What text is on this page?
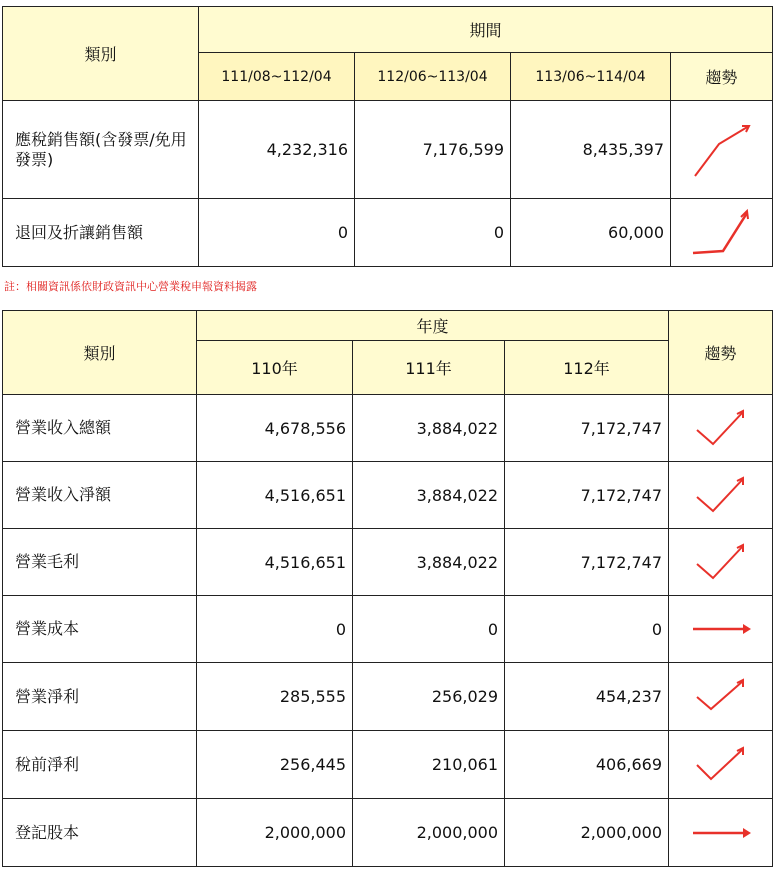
類別	期間			
	111/08~112/04	112/06~113/04	113/06~114/04	趨勢
應稅銷售額(含發票/免用發票)	4,232,316	7,176,599	8,435,397	

退回及折讓銷售額	0	0	60,000	
註：相關資訊係依財政資訊中心營業稅申報資料揭露
類別	年度			趨勢
	110年	111年	112年	
營業收入總額	4,678,556	3,884,022	7,172,747	

營業收入淨額	4,516,651	3,884,022	7,172,747	

營業毛利	4,516,651	3,884,022	7,172,747	

營業成本	0	0	0	

營業淨利	285,555	256,029	454,237	

稅前淨利	256,445	210,061	406,669	

登記股本	2,000,000	2,000,000	2,000,000	
